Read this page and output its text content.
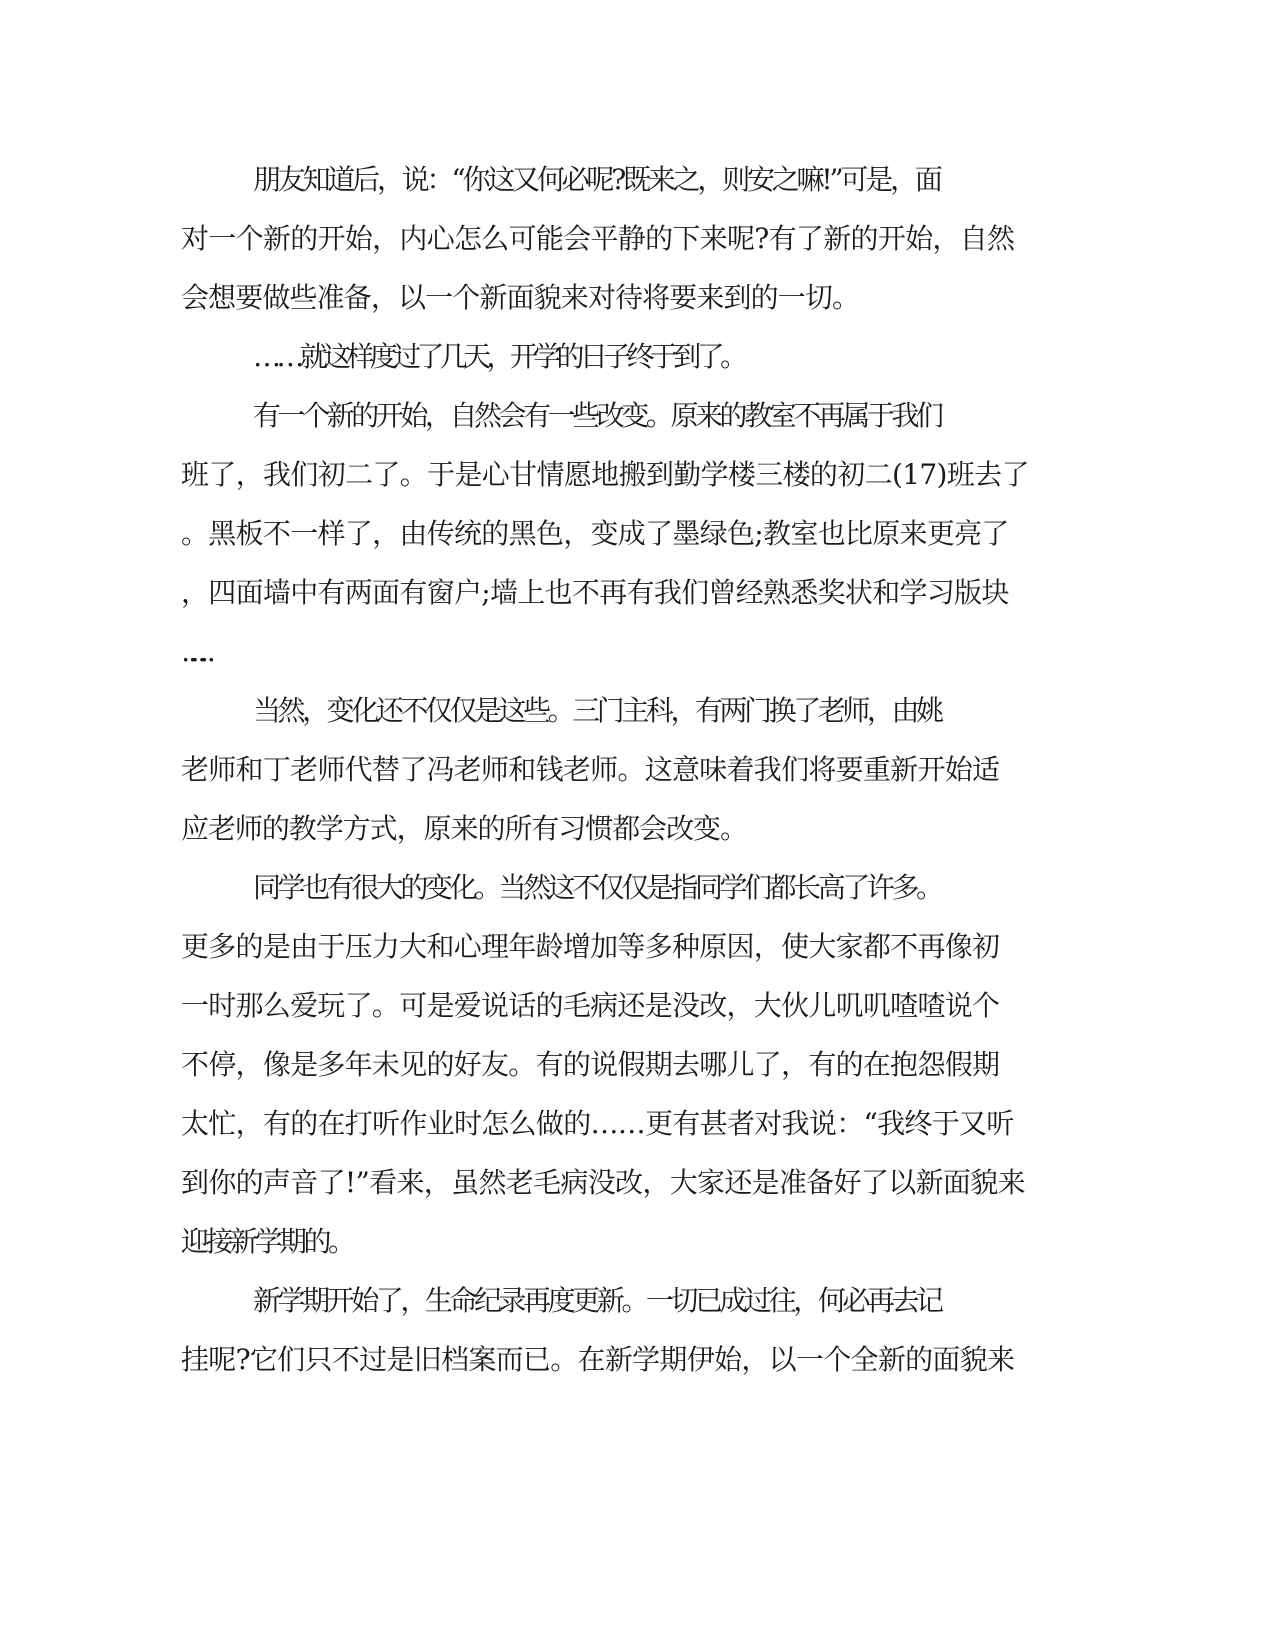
朋友知道后，说：“你这又何必呢?既来之，则安之嘛!”可是，面
对一个新的开始，内心怎么可能会平静的下来呢?有了新的开始，自然
会想要做些准备，以一个新面貌来对待将要来到的一切。
……就这样度过了几天，开学的日子终于到了。
有一个新的开始，自然会有一些改变。原来的教室不再属于我们
班了，我们初二了。于是心甘情愿地搬到勤学楼三楼的初二(17)班去了
。黑板不一样了，由传统的黑色，变成了墨绿色;教室也比原来更亮了
，四面墙中有两面有窗户;墙上也不再有我们曾经熟悉奖状和学习版块
……
当然，变化还不仅仅是这些。三门主科，有两门换了老师，由姚
老师和丁老师代替了冯老师和钱老师。这意味着我们将要重新开始适
应老师的教学方式，原来的所有习惯都会改变。
同学也有很大的变化。当然这不仅仅是指同学们都长高了许多。
更多的是由于压力大和心理年龄增加等多种原因，使大家都不再像初
一时那么爱玩了。可是爱说话的毛病还是没改，大伙儿叽叽喳喳说个
不停，像是多年未见的好友。有的说假期去哪儿了，有的在抱怨假期
太忙，有的在打听作业时怎么做的……更有甚者对我说：“我终于又听
到你的声音了!”看来，虽然老毛病没改，大家还是准备好了以新面貌来
迎接新学期的。
新学期开始了，生命纪录再度更新。一切已成过往，何必再去记
挂呢?它们只不过是旧档案而已。在新学期伊始，以一个全新的面貌来
